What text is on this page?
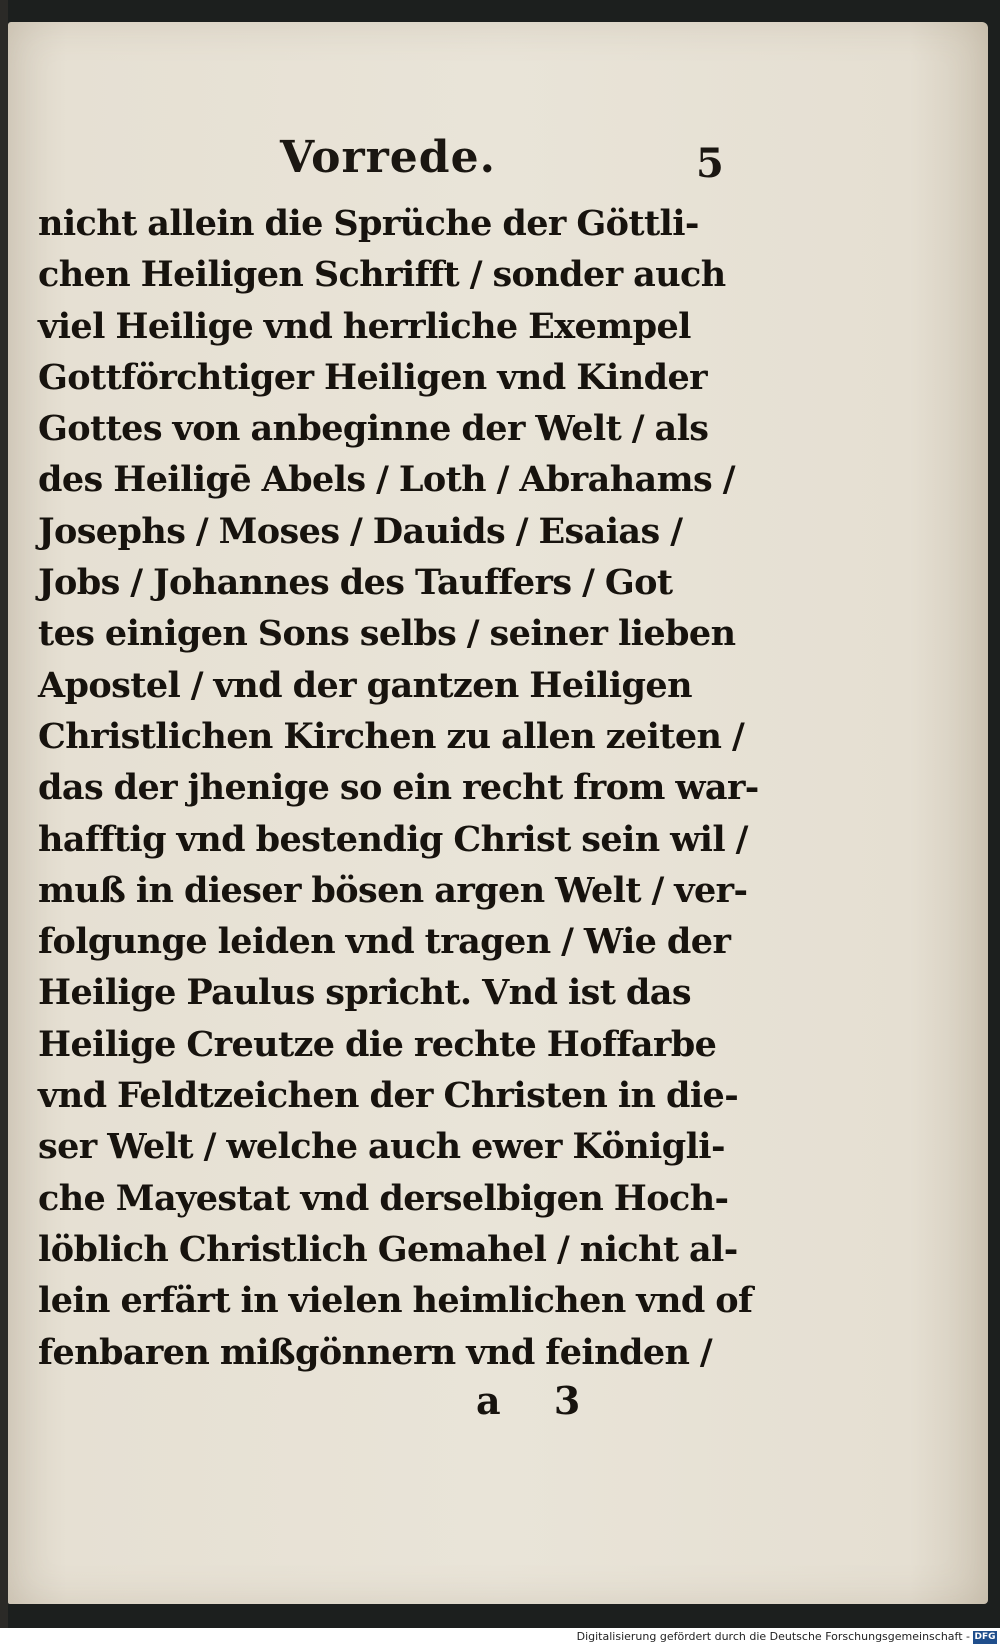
Vorrede.	5
nicht allein die Sprüche der Göttli-
chen Heiligen Schrifft / sonder auch
viel Heilige vnd herrliche Exempel
Gottförchtiger Heiligen vnd Kinder
Gottes von anbeginne der Welt / als
des Heiligē Abels / Loth / Abrahams /
Josephs / Moses / Dauids / Esaias /
Jobs / Johannes des Tauffers / Got
tes einigen Sons selbs / seiner lieben
Apostel / vnd der gantzen Heiligen
Christlichen Kirchen zu allen zeiten /
das der jhenige so ein recht from war-
hafftig vnd bestendig Christ sein wil /
muß in dieser bösen argen Welt / ver-
folgunge leiden vnd tragen / Wie der
Heilige Paulus spricht. Vnd ist das
Heilige Creutze die rechte Hoffarbe
vnd Feldtzeichen der Christen in die-
ser Welt / welche auch ewer Königli-
che Mayestat vnd derselbigen Hoch-
löblich Christlich Gemahel / nicht al-
lein erfärt in vielen heimlichen vnd of
fenbaren mißgönnern vnd feinden /
a 3
Digitalisierung gefördert durch die Deutsche Forschungsgemeinschaft - DFG
